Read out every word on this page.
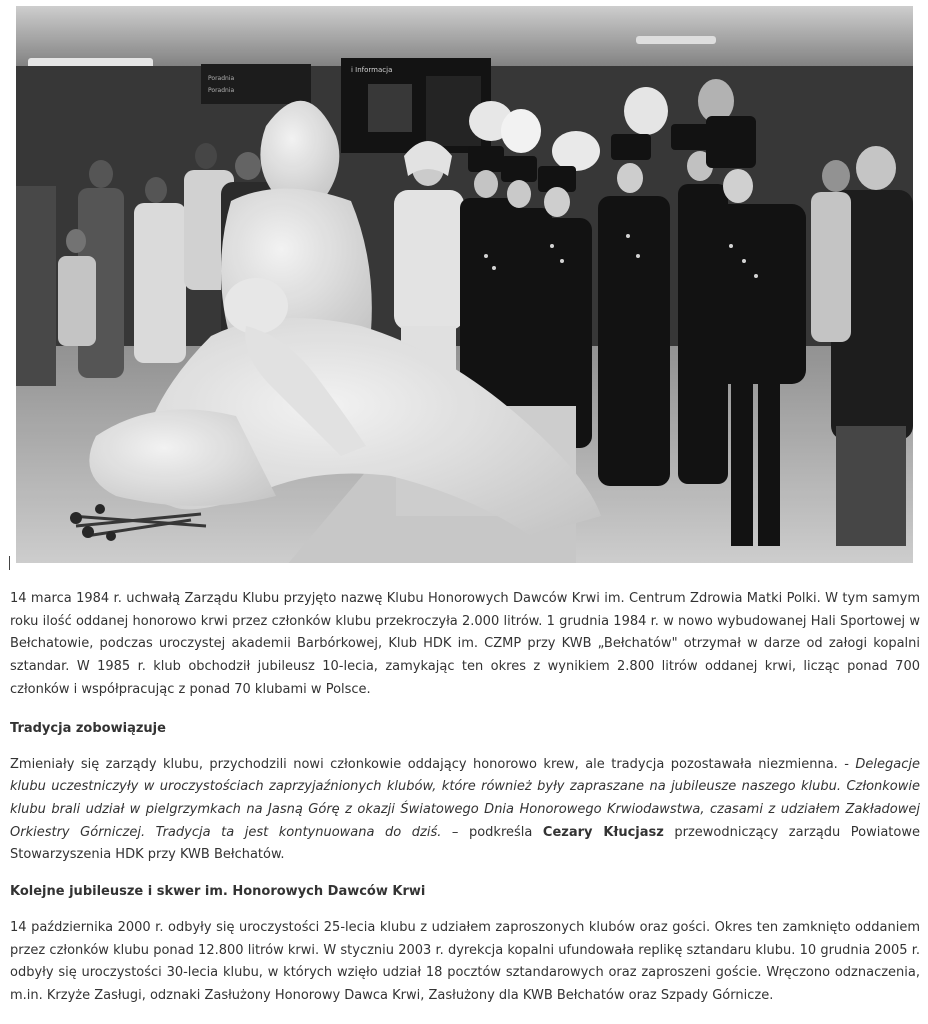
Poradnia
Poradnia
i Informacja

14 marca 1984 r. uchwałą Zarządu Klubu przyjęto nazwę Klubu Honorowych Dawców Krwi im. Centrum Zdrowia Matki Polki. W tym samym roku ilość oddanej honorowo krwi przez członków klubu przekroczyła 2.000 litrów. 1 grudnia 1984 r. w nowo wybudowanej Hali Sportowej w Bełchatowie, podczas uroczystej akademii Barbórkowej, Klub HDK im. CZMP przy KWB „Bełchatów" otrzymał w darze od załogi kopalni sztandar. W 1985 r. klub obchodził jubileusz 10-lecia, zamykając ten okres z wynikiem 2.800 litrów oddanej krwi, licząc ponad 700 członków i współpracując z ponad 70 klubami w Polsce.

Tradycja zobowiązuje

Zmieniały się zarządy klubu, przychodzili nowi członkowie oddający honorowo krew, ale tradycja pozostawała niezmienna. - Delegacje klubu uczestniczyły w uroczystościach zaprzyjaźnionych klubów, które również były zapraszane na jubileusze naszego klubu. Członkowie klubu brali udział w pielgrzymkach na Jasną Górę z okazji Światowego Dnia Honorowego Krwiodawstwa, czasami z udziałem Zakładowej Orkiestry Górniczej. Tradycja ta jest kontynuowana do dziś. – podkreśla Cezary Kłucjasz przewodniczący zarządu Powiatowe Stowarzyszenia HDK przy KWB Bełchatów.

Kolejne jubileusze i skwer im. Honorowych Dawców Krwi

14 października 2000 r. odbyły się uroczystości 25-lecia klubu z udziałem zaproszonych klubów oraz gości. Okres ten zamknięto oddaniem przez członków klubu ponad 12.800 litrów krwi. W styczniu 2003 r. dyrekcja kopalni ufundowała replikę sztandaru klubu. 10 grudnia 2005 r. odbyły się uroczystości 30-lecia klubu, w których wzięło udział 18 pocztów sztandarowych oraz zaproszeni goście. Wręczono odznaczenia, m.in. Krzyże Zasługi, odznaki Zasłużony Honorowy Dawca Krwi, Zasłużony dla KWB Bełchatów oraz Szpady Górnicze.
